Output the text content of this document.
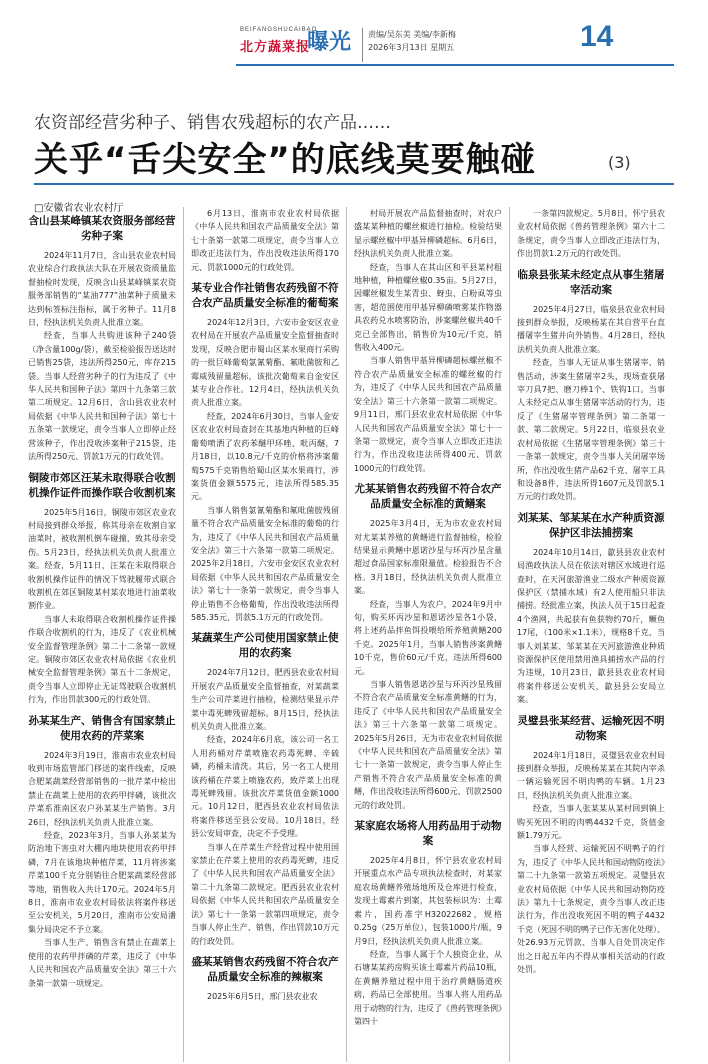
BEIFANGSHUCAIBAO
北方蔬菜报
曝光 责编/吴东美 美编/李新梅
2026年3月13日 星期五	14
农资部经营劣种子、销售农残超标的农产品……
关乎“舌尖安全”的底线莫要触碰	(3)
□安徽省农业农村厅
含山县某峰镇某农资服务部经营劣种子案
2024年11月7日，含山县农业农村局农业综合行政执法大队在开展农资质量监督抽检时发现，反映含山县某峰镇某农资服务部销售的“某油777”油菜种子质量未达到标签标注指标，属于劣种子。11月8日，经执法机关负责人批准立案。
经查，当事人共购进该种子240袋（净含量100g/袋），截至检验报告送达时已销售25袋，违法所得250元，库存215袋。当事人经营劣种子的行为违反了《中华人民共和国种子法》第四十九条第三款第二项规定。12月6日，含山县农业农村局依据《中华人民共和国种子法》第七十五条第一款规定，责令当事人立即停止经营该种子，作出没收涉案种子215袋、违法所得250元、罚款1万元的行政处罚。
铜陵市郊区汪某未取得联合收割机操作证件而操作联合收割机案
2025年5月16日，铜陵市郊区农业农村局接到群众举报，称其母亲在收割自家油菜时，被收割机倒车碰撞，致其母亲受伤。5月23日，经执法机关负责人批准立案。经查，5月11日，汪某在未取得联合收割机操作证件的情况下驾驶履带式联合收割机在郊区铜陵某村某农地进行油菜收割作业。
当事人未取得联合收割机操作证件操作联合收割机的行为，违反了《农业机械安全监督管理条例》第二十二条第一款规定。铜陵市郊区农业农村局依据《农业机械安全监督管理条例》第五十二条规定，责令当事人立即停止无证驾驶联合收割机行为，作出罚款300元的行政处罚。
孙某某生产、销售含有国家禁止使用农药的芹菜案
2024年3月19日，淮南市农业农村局收到市场监管部门移送的案件线索，反映合肥某蔬菜经营部销售的一批芹菜中检出禁止在蔬菜上使用的农药甲拌磷，该批次芹菜系淮南区农户孙某某生产销售。3月26日，经执法机关负责人批准立案。
经查，2023年3月，当事人孙某某为防治地下害虫对大棚内地块使用农药甲拌磷，7月在该地块种植芹菜，11月将涉案芹菜100千克分别销往合肥某蔬菜经营部等地，销售收入共计170元。2024年5月8日，淮南市农业农村局依法将案件移送至公安机关，5月20日，淮南市公安局潘集分局决定不予立案。
当事人生产、销售含有禁止在蔬菜上使用的农药甲拌磷的芹菜，违反了《中华人民共和国农产品质量安全法》第三十六条第一款第一项规定。
6月13日，淮南市农业农村局依据《中华人民共和国农产品质量安全法》第七十条第一款第二项规定，责令当事人立即改正违法行为，作出没收违法所得170元、罚款1000元的行政处罚。
某专业合作社销售农药残留不符合农产品质量安全标准的葡萄案
2024年12月3日，六安市金安区农业农村局在开展农产品质量安全监督抽查时发现，反映合肥市蜀山区某水果商行采购的一批巨峰葡萄氯氰菊酯、氟吡菌胺和乙霉威残留量超标，该批次葡萄来自金安区某专业合作社。12月4日，经执法机关负责人批准立案。
经查，2024年6月30日，当事人金安区农业农村局查封在其基地内种植的巨峰葡萄喷洒了农药苯醚甲环唑、吡丙醚，7月18日，以10.8元/千克的价格将涉案葡萄575千克销售给蜀山区某水果商行，涉案货值金额5575元，违法所得585.35元。
当事人销售氯氰菊酯和氟吡菌胺残留量不符合农产品质量安全标准的葡萄的行为，违反了《中华人民共和国农产品质量安全法》第三十六条第一款第二项规定。2025年2月18日，六安市金安区农业农村局依据《中华人民共和国农产品质量安全法》第七十一条第一款规定，责令当事人停止销售不合格葡萄，作出没收违法所得585.35元、罚款5.1万元的行政处罚。
某蔬菜生产公司使用国家禁止使用的农药案
2024年7月12日，肥西县农业农村局开展农产品质量安全监督抽查，对某蔬菜生产公司芹菜进行抽检，检测结果显示芹菜中毒死蜱残留超标。8月15日，经执法机关负责人批准立案。
经查，2024年6月底，该公司一名工人用药桶对芹菜喷施农药毒死蜱、辛硫磷，药桶未清洗。其后，另一名工人使用该药桶在芹菜上喷施农药，致芹菜上出现毒死蜱残留。该批次芹菜货值金额1000元。10月12日，肥西县农业农村局依法将案件移送至县公安局。10月18日，经县公安局审查，决定不予受理。
当事人在芹菜生产经营过程中使用国家禁止在芹菜上使用的农药毒死蜱，违反了《中华人民共和国农产品质量安全法》第二十九条第二款规定。肥西县农业农村局依据《中华人民共和国农产品质量安全法》第七十一条第一款第四项规定，责令当事人停止生产、销售，作出罚款10万元的行政处罚。
盛某某销售农药残留不符合农产品质量安全标准的辣椒案
2025年6月5日，邢门县农业农
村局开展农产品监督抽查时，对农户盛某某种植的螺丝椒进行抽检。检验结果显示螺丝椒中甲基异柳磷超标。6月6日，经执法机关负责人批准立案。
经查，当事人在其山区和平县某村租地种植，种植螺丝椒0.35亩。5月27日，因螺丝椒发生某青虫、蚜虫、白粉虱等虫害，超范围使用甲基异柳磷喷雾某作物器具农药兑水喷雾防治，涉案螺丝椒共40千克已全部售出，销售价为10元/千克，销售收入400元。
当事人销售甲基异柳磷超标螺丝椒不符合农产品质量安全标准的螺丝椒的行为，违反了《中华人民共和国农产品质量安全法》第三十六条第一款第二项规定。9月11日，邢门县农业农村局依据《中华人民共和国农产品质量安全法》第七十一条第一款规定，责令当事人立即改正违法行为，作出没收违法所得400元、罚款1000元的行政处罚。
尤某某销售农药残留不符合农产品质量安全标准的黄鳝案
2025年3月4日，无为市农业农村局对尤某某养殖的黄鳝进行监督抽检，检验结果显示黄鳝中恩诺沙星与环丙沙星含量超过食品国家标准限量值。检验报告不合格。3月18日，经执法机关负责人批准立案。
经查，当事人为农户，2024年9月中旬，购买环丙沙星和恩诺沙星各1小袋，将上述药品拌鱼饵投喂给所养殖黄鳝200千克。2025年1月，当事人销售涉案黄鳝10千克，售价60元/千克，违法所得600元。
当事人销售恩诺沙星与环丙沙星残留不符合农产品质量安全标准黄鳝的行为，违反了《中华人民共和国农产品质量安全法》第三十六条第一款第二项规定。2025年5月26日，无为市农业农村局依据《中华人民共和国农产品质量安全法》第七十一条第一款规定，责令当事人停止生产销售不符合农产品质量安全标准的黄鳝，作出没收违法所得600元、罚款2500元的行政处罚。
某家庭农场将人用药品用于动物案
2025年4月8日，怀宁县农业农村局开展重点水产品专项执法检查时，对某家庭农场黄鳝养殖场地所及仓库进行检查，发现土霉素片到案，其包装标识为：土霉素片，国药准字H32022682，规格0.25g（25万单位），包装1000片/瓶，9月9日，经执法机关负责人批准立案。
经查，当事人属于个人独资企业，从石塘某某药房购买该土霉素片药品10瓶，在黄鳝养殖过程中用于治疗黄鳝肠道疾病，药品已全部使用。当事人将人用药品用于动物的行为，违反了《兽药管理条例》第四十
一条第四款规定。5月8日，怀宁县农业农村局依据《兽药管理条例》第六十二条规定，责令当事人立即改正违法行为，作出罚款1.2万元的行政处罚。
临泉县张某未经定点从事生猪屠宰活动案
2025年4月27日，临泉县农业农村局接到群众举报，反映杨某在其自营平台直播屠宰生猪并向外销售。4月28日，经执法机关负责人批准立案。
经查，当事人无证从事生猪屠宰、销售活动，涉案生猪屠宰2头，现场查获屠宰刀具7把、磨刀棒1个、铁钩1口。当事人未经定点从事生猪屠宰活动的行为，违反了《生猪屠宰管理条例》第二条第一款、第二款规定。5月22日，临泉县农业农村局依据《生猪屠宰管理条例》第三十一条第一款规定，责令当事人关闭屠宰场所，作出没收生猪产品62千克、屠宰工具和设备8件，违法所得1607元及罚款5.1万元的行政处罚。
刘某某、邹某某在水产种质资源保护区非法捕捞案
2024年10月14日，歙县县农业农村局渔政执法人员在依法对辖区水域进行巡查时，在天河旅游渔业二级水产种质资源保护区（禁捕水域）有2人使用船只非法捕捞。经批准立案，执法人员于15日起查4个渔网，共起获有鱼获物约70斤，鳜鱼17尾，（100米×1.1米），规格8千克，当事人刘某某、邹某某在天河旅游渔业种质资源保护区使用禁用渔具捕捞水产品的行为违规，10月23日，歙县县农业农村局将案件移送公安机关，歙县县公安局立案。
灵璧县张某经营、运输死因不明动物案
2024年1月18日，灵璧县农业农村局接到群众举报，反映杨某某在其院内宰杀一辆运输死因不明肉鸭的车辆。1月23日，经执法机关负责人批准立案。
经查，当事人张某某从某村回到镇上购买死因不明的肉鸭4432千克，货值金额1.79万元。
当事人经营、运输死因不明鸭子的行为，违反了《中华人民共和国动物防疫法》第二十九条第一款第五项规定。灵璧县农业农村局依据《中华人民共和国动物防疫法》第九十七条规定，责令当事人改正违法行为，作出没收死因不明的鸭子4432千克（死因不明的鸭子已作无害化处理）、处26.93万元罚款、当事人自处罚决定作出之日起五年内不得从事相关活动的行政处罚。
